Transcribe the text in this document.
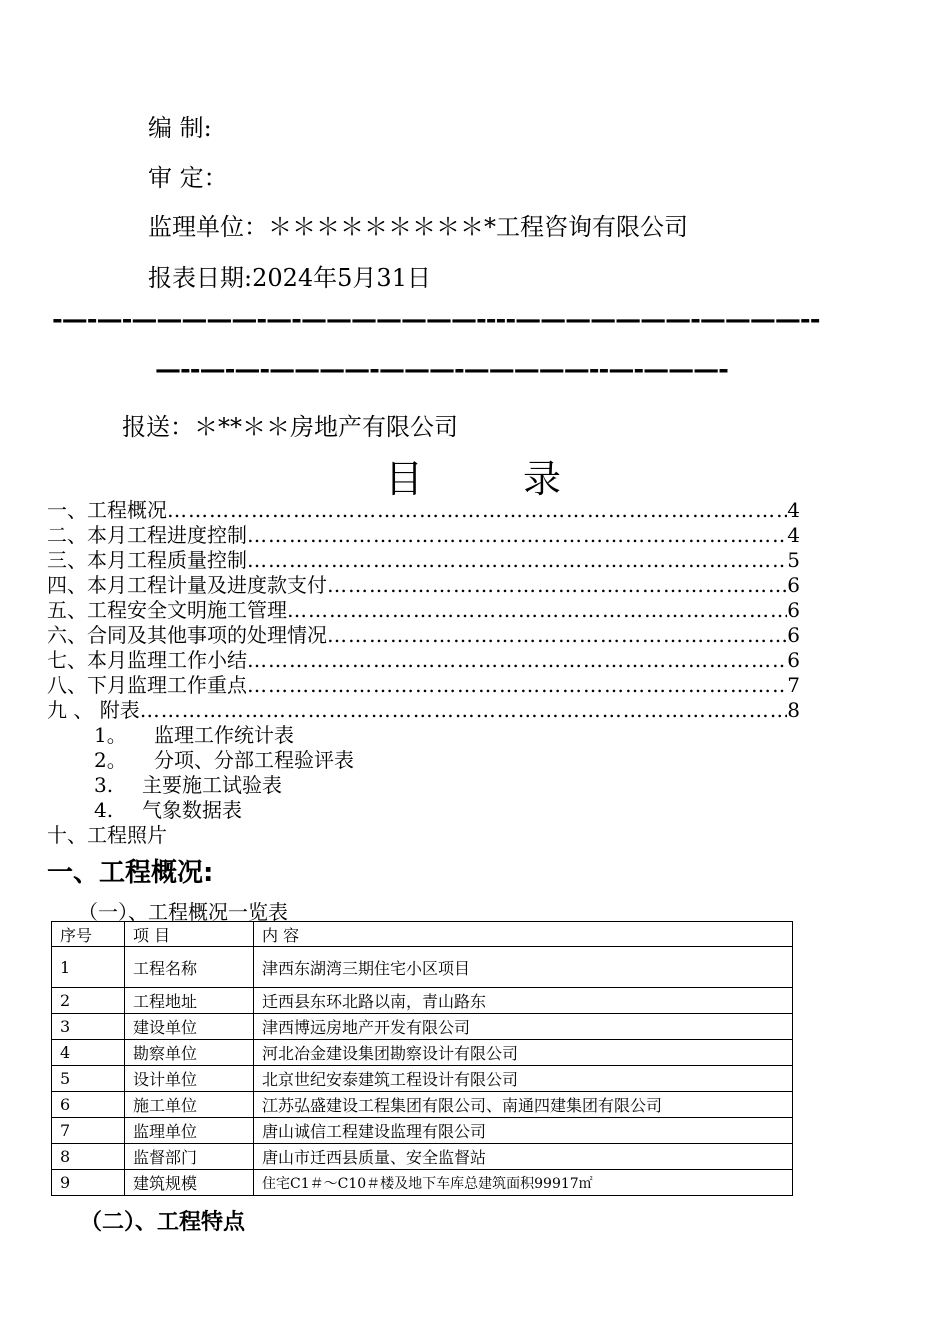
编 制:
审 定：
监理单位：＊＊＊＊＊＊＊＊＊*工程咨询有限公司
报表日期:2024年5月31日
-—-—-—————-—-———————----———————-————--
—--—-—-————-———-—————--—-———-
报送：＊**＊＊房地产有限公司
目录
一、工程概况 …………………………………………………………………………………………………………………………………………………………	4
二、本月工程进度控制 …………………………………………………………………………………………………………………………………………………………	4
三、本月工程质量控制 …………………………………………………………………………………………………………………………………………………………	5
四、本月工程计量及进度款支付 …………………………………………………………………………………………………………………………………………………………	6
五、工程安全文明施工管理 …………………………………………………………………………………………………………………………………………………………	6
六、合同及其他事项的处理情况 …………………………………………………………………………………………………………………………………………………………	6
七、本月监理工作小结 …………………………………………………………………………………………………………………………………………………………	6
八、下月监理工作重点 …………………………………………………………………………………………………………………………………………………………	7
九 、 附表 …………………………………………………………………………………………………………………………………………………………	8
1。 监理工作统计表
2。 分项、分部工程验评表
3. 主要施工试验表
4. 气象数据表
十、工程照片
一、工程概况:
（一）、工程概况一览表
序号	项 目	内 容
1	工程名称	津西东湖湾三期住宅小区项目
2	工程地址	迁西县东环北路以南，青山路东
3	建设单位	津西博远房地产开发有限公司
4	勘察单位	河北冶金建设集团勘察设计有限公司
5	设计单位	北京世纪安泰建筑工程设计有限公司
6	施工单位	江苏弘盛建设工程集团有限公司、南通四建集团有限公司
7	监理单位	唐山诚信工程建设监理有限公司
8	监督部门	唐山市迁西县质量、安全监督站
9	建筑规模	住宅C1＃～C10＃楼及地下车库总建筑面积99917㎡
（二）、工程特点
